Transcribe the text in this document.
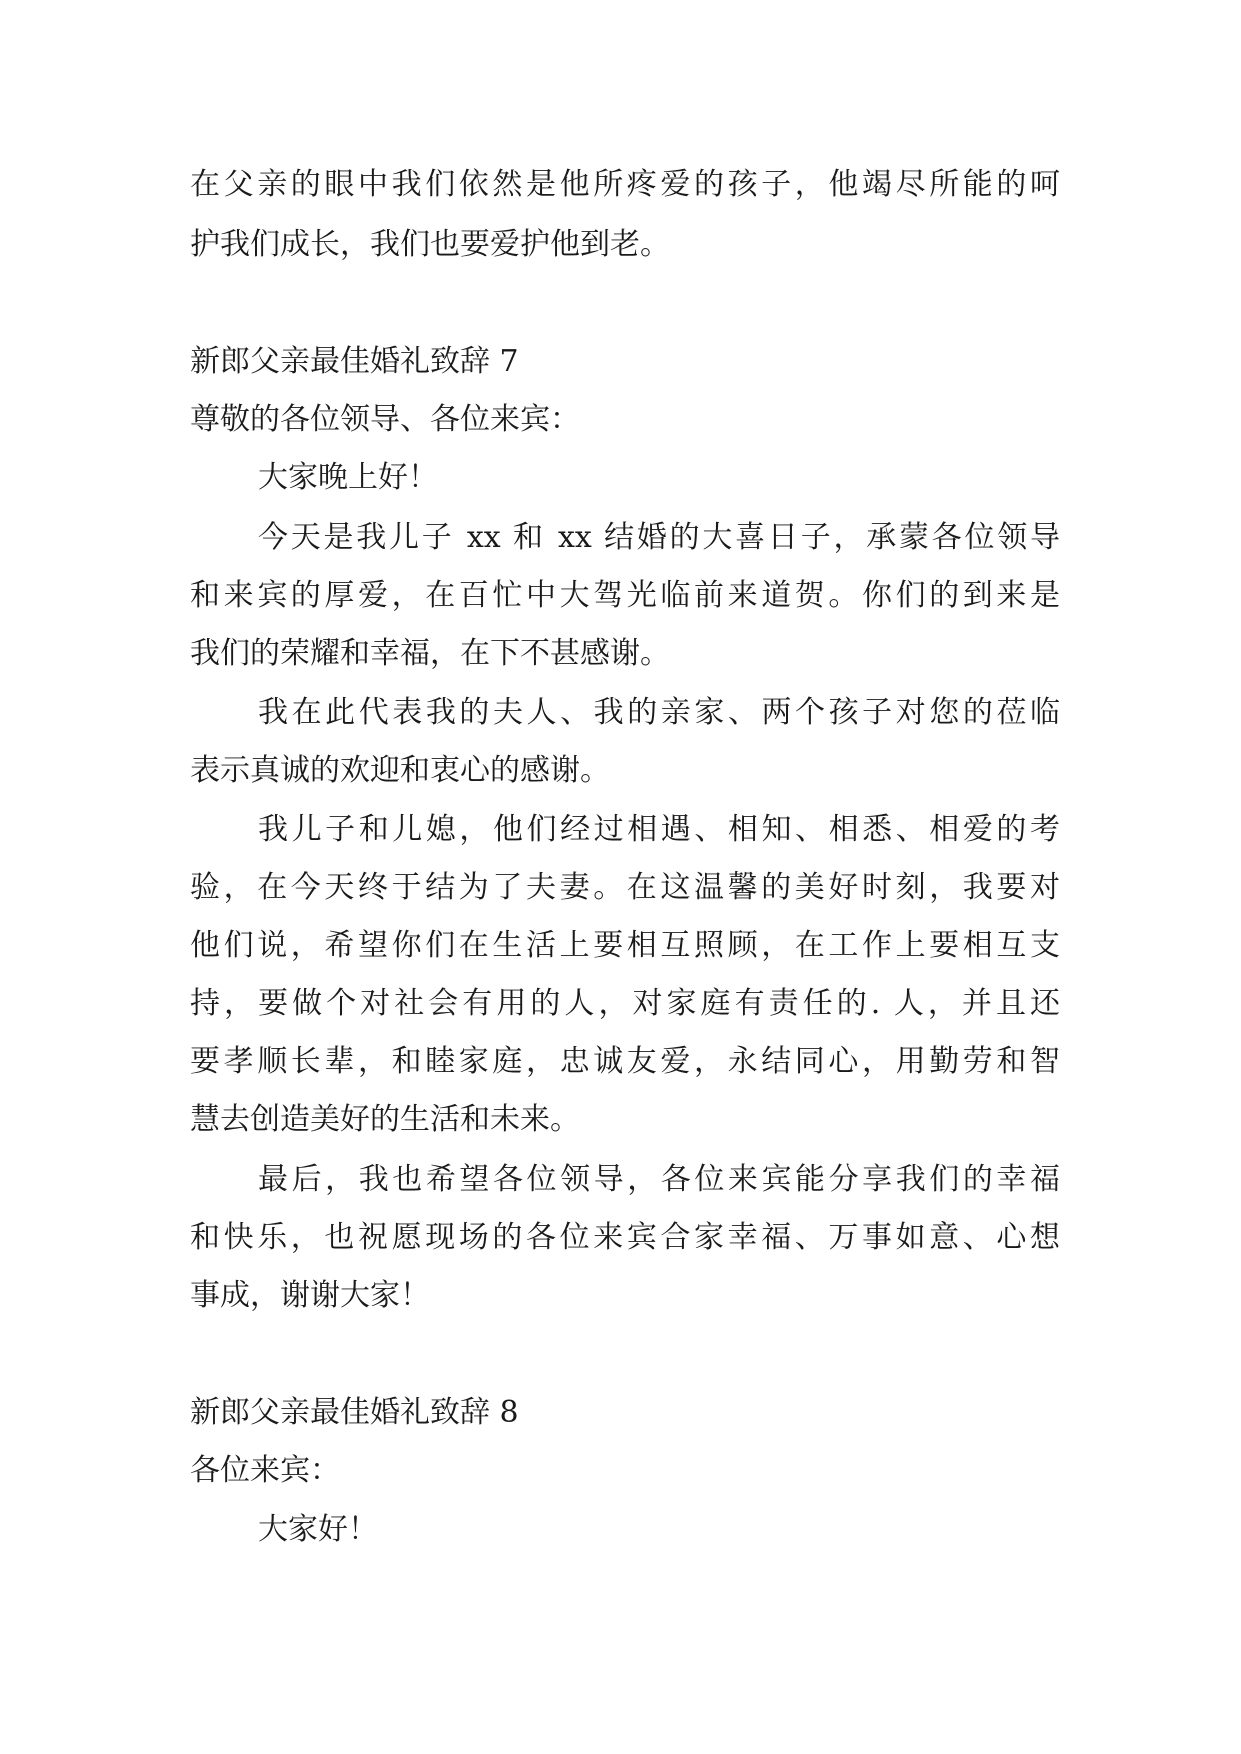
在父亲的眼中我们依然是他所疼爱的孩子，他竭尽所能的呵
护我们成长，我们也要爱护他到老。
新郎父亲最佳婚礼致辞 7
尊敬的各位领导、各位来宾：
大家晚上好！
今天是我儿子 xx 和 xx 结婚的大喜日子，承蒙各位领导
和来宾的厚爱，在百忙中大驾光临前来道贺。你们的到来是
我们的荣耀和幸福，在下不甚感谢。
我在此代表我的夫人、我的亲家、两个孩子对您的莅临
表示真诚的欢迎和衷心的感谢。
我儿子和儿媳，他们经过相遇、相知、相悉、相爱的考
验，在今天终于结为了夫妻。在这温馨的美好时刻，我要对
他们说，希望你们在生活上要相互照顾，在工作上要相互支
持，要做个对社会有用的人，对家庭有责任的. 人，并且还
要孝顺长辈，和睦家庭，忠诚友爱，永结同心，用勤劳和智
慧去创造美好的生活和未来。
最后，我也希望各位领导，各位来宾能分享我们的幸福
和快乐，也祝愿现场的各位来宾合家幸福、万事如意、心想
事成，谢谢大家！
新郎父亲最佳婚礼致辞 8
各位来宾：
大家好！
